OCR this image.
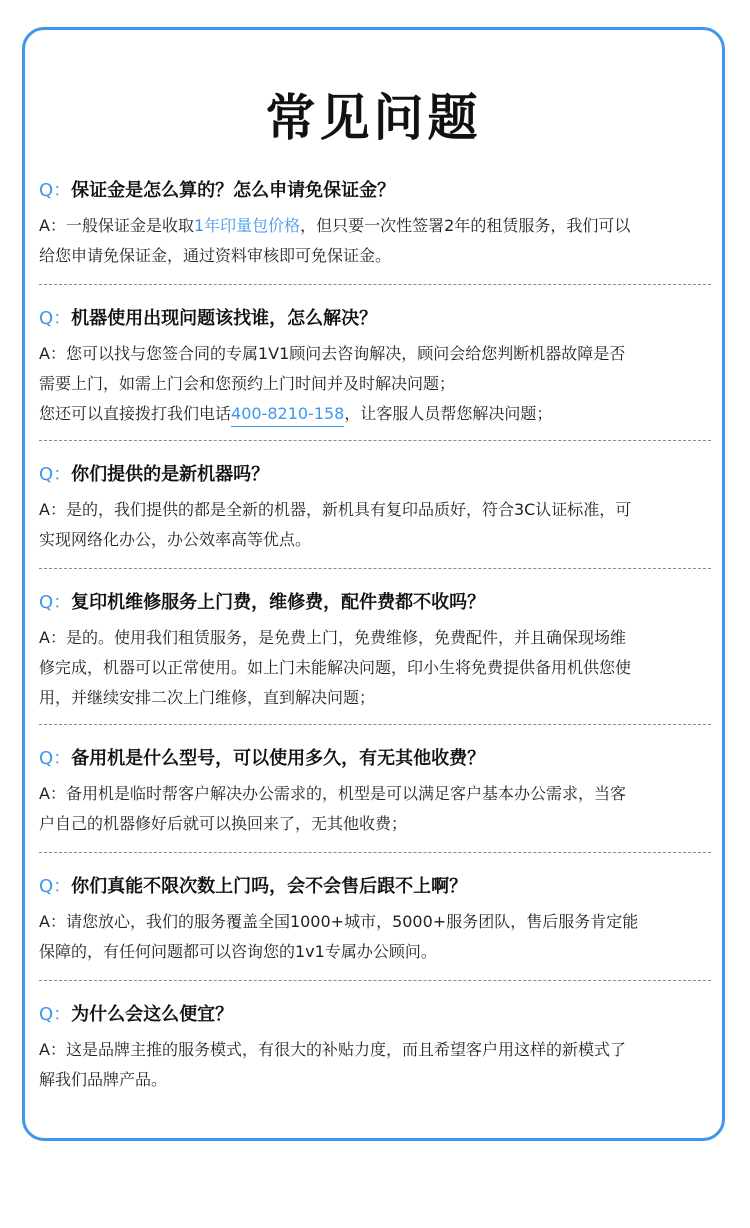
常见问题
Q：保证金是怎么算的？怎么申请免保证金？
A：一般保证金是收取1年印量包价格，但只要一次性签署2年的租赁服务，我们可以
给您申请免保证金，通过资料审核即可免保证金。
Q：机器使用出现问题该找谁，怎么解决？
A：您可以找与您签合同的专属1V1顾问去咨询解决，顾问会给您判断机器故障是否
需要上门，如需上门会和您预约上门时间并及时解决问题；
您还可以直接拨打我们电话400-8210-158，让客服人员帮您解决问题；
Q：你们提供的是新机器吗？
A：是的，我们提供的都是全新的机器，新机具有复印品质好，符合3C认证标准，可
实现网络化办公，办公效率高等优点。
Q：复印机维修服务上门费，维修费，配件费都不收吗？
A：是的。使用我们租赁服务，是免费上门，免费维修，免费配件，并且确保现场维
修完成，机器可以正常使用。如上门未能解决问题，印小生将免费提供备用机供您使
用，并继续安排二次上门维修，直到解决问题；
Q：备用机是什么型号，可以使用多久，有无其他收费？
A：备用机是临时帮客户解决办公需求的，机型是可以满足客户基本办公需求，当客
户自己的机器修好后就可以换回来了，无其他收费；
Q：你们真能不限次数上门吗，会不会售后跟不上啊？
A：请您放心，我们的服务覆盖全国1000+城市，5000+服务团队，售后服务肯定能
保障的，有任何问题都可以咨询您的1v1专属办公顾问。
Q：为什么会这么便宜？
A：这是品牌主推的服务模式，有很大的补贴力度，而且希望客户用这样的新模式了
解我们品牌产品。
